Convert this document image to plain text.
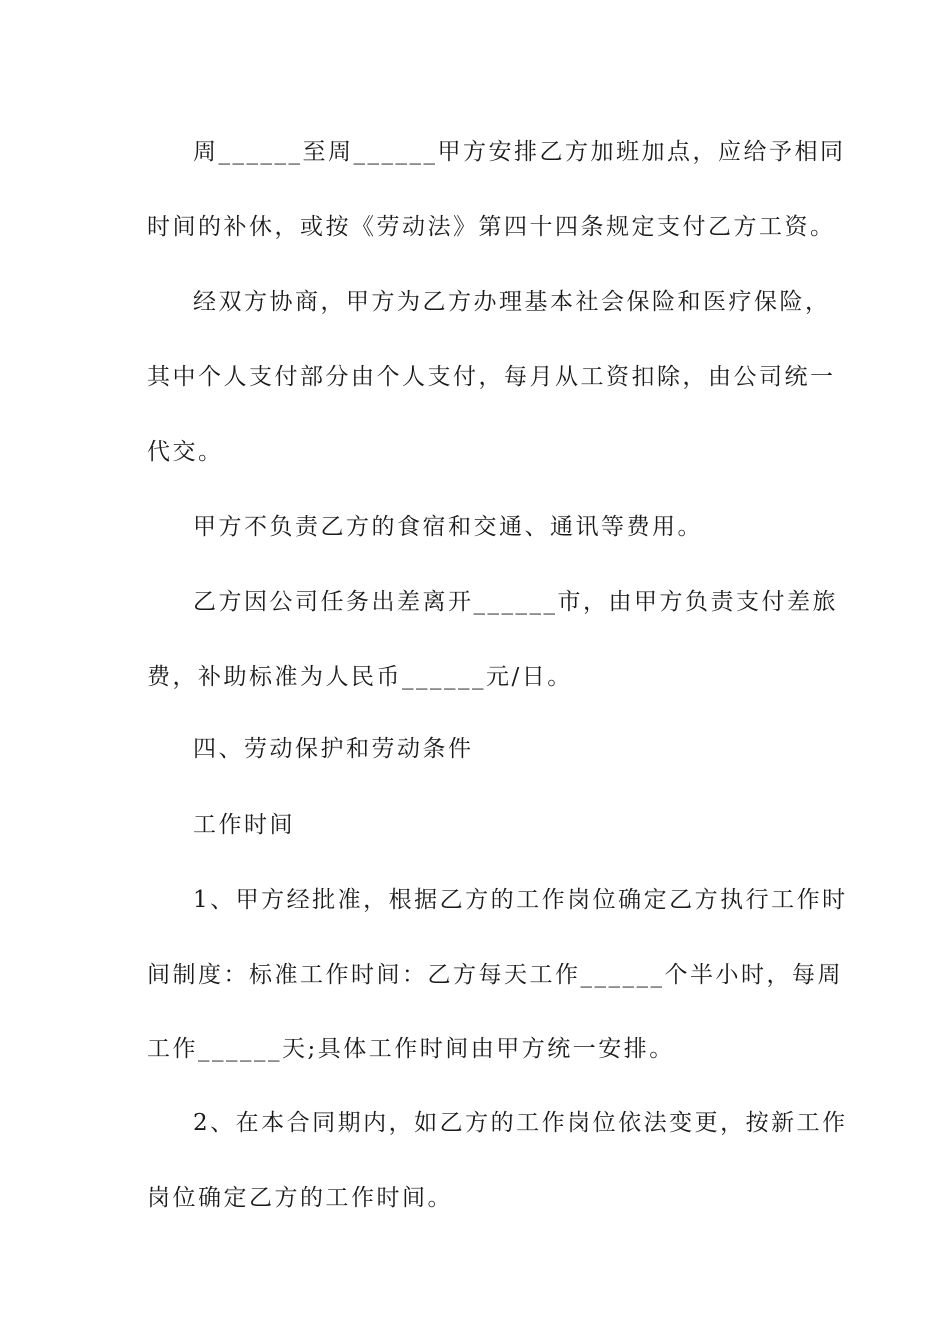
周______至周______甲方安排乙方加班加点，应给予相同
时间的补休，或按《劳动法》第四十四条规定支付乙方工资。
经双方协商，甲方为乙方办理基本社会保险和医疗保险，
其中个人支付部分由个人支付，每月从工资扣除，由公司统一
代交。
甲方不负责乙方的食宿和交通、通讯等费用。
乙方因公司任务出差离开______市，由甲方负责支付差旅
费，补助标准为人民币______元/日。
四、劳动保护和劳动条件
工作时间
1、甲方经批准，根据乙方的工作岗位确定乙方执行工作时
间制度：标准工作时间：乙方每天工作______个半小时，每周
工作______天;具体工作时间由甲方统一安排。
2、在本合同期内，如乙方的工作岗位依法变更，按新工作
岗位确定乙方的工作时间。
